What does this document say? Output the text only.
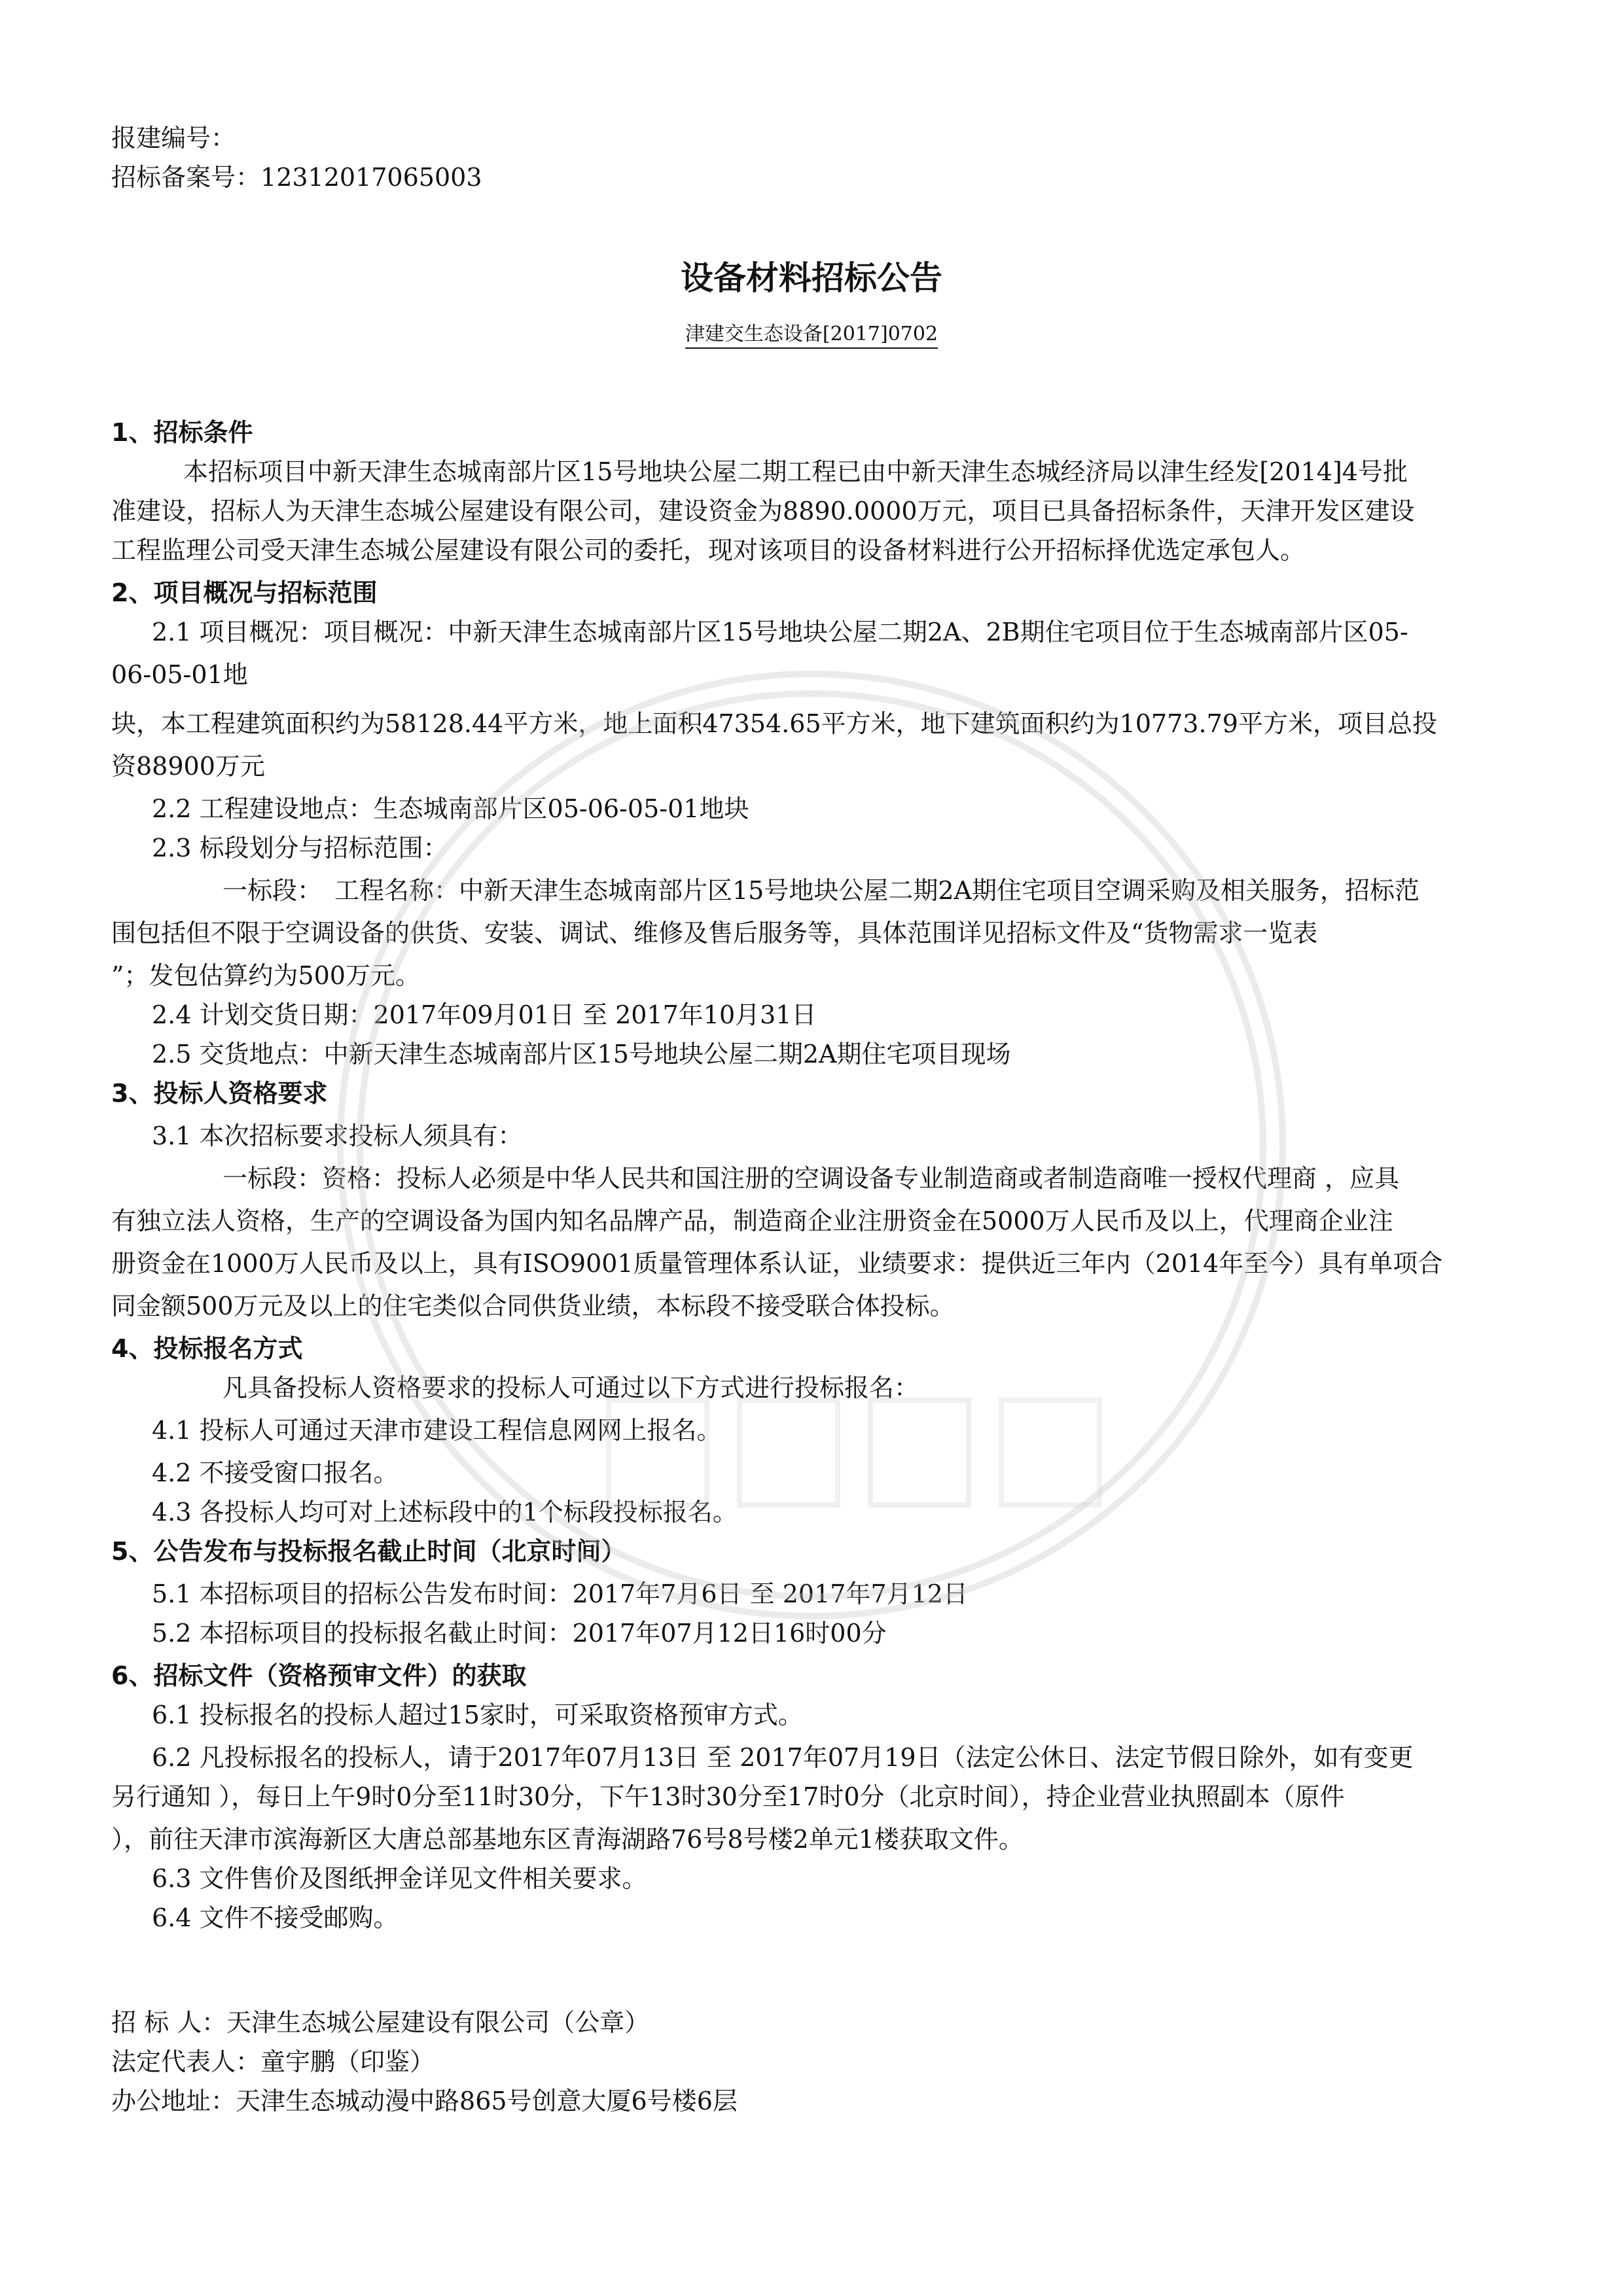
报建编号：
招标备案号：12312017065003
设备材料招标公告
津建交生态设备[2017]0702
1、招标条件
本招标项目中新天津生态城南部片区15号地块公屋二期工程已由中新天津生态城经济局以津生经发[2014]4号批
准建设，招标人为天津生态城公屋建设有限公司，建设资金为8890.0000万元，项目已具备招标条件，天津开发区建设
工程监理公司受天津生态城公屋建设有限公司的委托，现对该项目的设备材料进行公开招标择优选定承包人。
2、项目概况与招标范围
2.1 项目概况：项目概况：中新天津生态城南部片区15号地块公屋二期2A、2B期住宅项目位于生态城南部片区05-
06-05-01地
块，本工程建筑面积约为58128.44平方米，地上面积47354.65平方米，地下建筑面积约为10773.79平方米，项目总投
资88900万元
2.2 工程建设地点：生态城南部片区05-06-05-01地块
2.3 标段划分与招标范围：
一标段：　工程名称：中新天津生态城南部片区15号地块公屋二期2A期住宅项目空调采购及相关服务，招标范
围包括但不限于空调设备的供货、安装、调试、维修及售后服务等，具体范围详见招标文件及“货物需求一览表
”；发包估算约为500万元。
2.4 计划交货日期：2017年09月01日 至 2017年10月31日
2.5 交货地点：中新天津生态城南部片区15号地块公屋二期2A期住宅项目现场
3、投标人资格要求
3.1 本次招标要求投标人须具有：
一标段：资格：投标人必须是中华人民共和国注册的空调设备专业制造商或者制造商唯一授权代理商 ，应具
有独立法人资格，生产的空调设备为国内知名品牌产品，制造商企业注册资金在5000万人民币及以上，代理商企业注
册资金在1000万人民币及以上，具有ISO9001质量管理体系认证，业绩要求：提供近三年内（2014年至今）具有单项合
同金额500万元及以上的住宅类似合同供货业绩，本标段不接受联合体投标。
4、投标报名方式
凡具备投标人资格要求的投标人可通过以下方式进行投标报名：
4.1 投标人可通过天津市建设工程信息网网上报名。
4.2 不接受窗口报名。
4.3 各投标人均可对上述标段中的1个标段投标报名。
5、公告发布与投标报名截止时间（北京时间）
5.1 本招标项目的招标公告发布时间：2017年7月6日 至 2017年7月12日
5.2 本招标项目的投标报名截止时间：2017年07月12日16时00分
6、招标文件（资格预审文件）的获取
6.1 投标报名的投标人超过15家时，可采取资格预审方式。
6.2 凡投标报名的投标人，请于2017年07月13日 至 2017年07月19日（法定公休日、法定节假日除外，如有变更
另行通知 ），每日上午9时0分至11时30分，下午13时30分至17时0分（北京时间），持企业营业执照副本（原件
），前往天津市滨海新区大唐总部基地东区青海湖路76号8号楼2单元1楼获取文件。
6.3 文件售价及图纸押金详见文件相关要求。
6.4 文件不接受邮购。
招 标 人：天津生态城公屋建设有限公司（公章）
法定代表人：童宇鹏（印鉴）
办公地址：天津生态城动漫中路865号创意大厦6号楼6层
